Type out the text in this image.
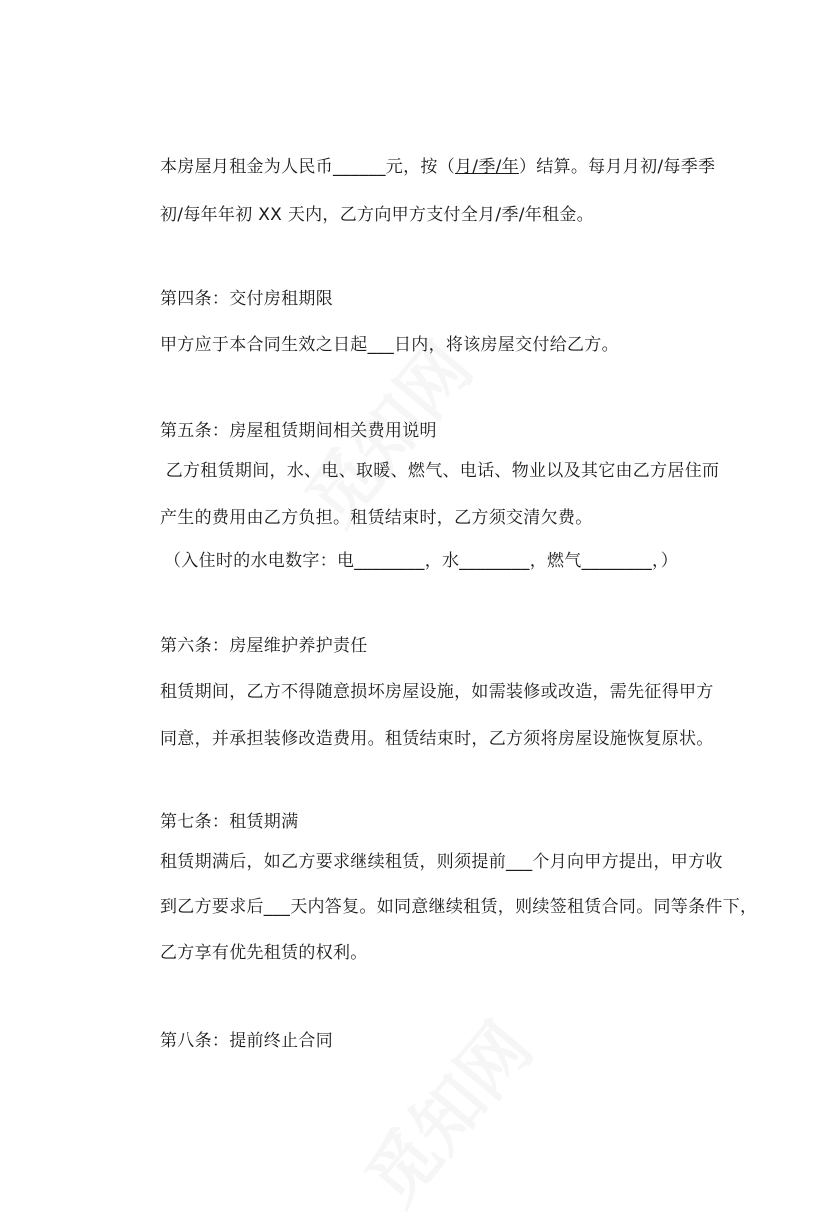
本房屋月租金为人民币______元，按（月/季/年）结算。每月月初/每季季
初/每年年初 XX 天内，乙方向甲方支付全月/季/年租金。
第四条：交付房租期限
甲方应于本合同生效之日起___日内，将该房屋交付给乙方。
第五条：房屋租赁期间相关费用说明
乙方租赁期间，水、电、取暖、燃气、电话、物业以及其它由乙方居住而
产生的费用由乙方负担。租赁结束时，乙方须交清欠费。
（入住时的水电数字：电________，水________，燃气________，）
第六条：房屋维护养护责任
租赁期间，乙方不得随意损坏房屋设施，如需装修或改造，需先征得甲方
同意，并承担装修改造费用。租赁结束时，乙方须将房屋设施恢复原状。
第七条：租赁期满
租赁期满后，如乙方要求继续租赁，则须提前___个月向甲方提出，甲方收
到乙方要求后___天内答复。如同意继续租赁，则续签租赁合同。同等条件下，
乙方享有优先租赁的权利。
第八条：提前终止合同
